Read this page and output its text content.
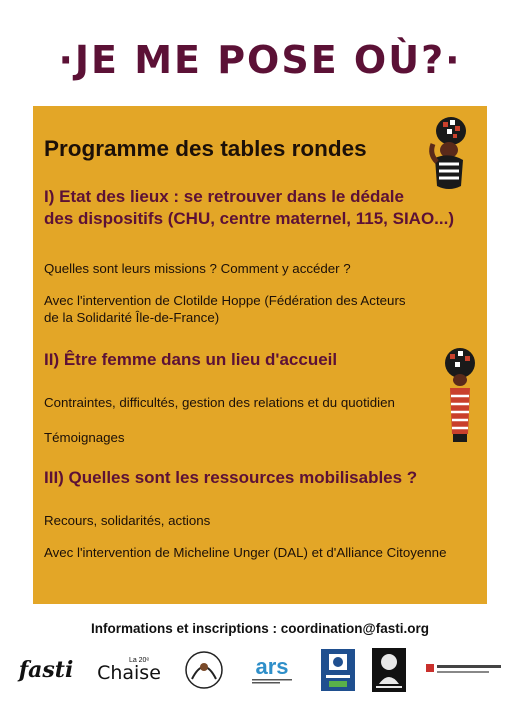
·JE ME POSE OÙ?·
Programme des tables rondes
I) Etat des lieux : se retrouver dans le dédale
des dispositifs (CHU, centre maternel, 115, SIAO...)
Quelles sont leurs missions ? Comment y accéder ?
Avec l'intervention de Clotilde Hoppe (Fédération des Acteurs
de la Solidarité Île-de-France)
II) Être femme dans un lieu d'accueil
Contraintes, difficultés, gestion des relations et du quotidien
Témoignages
III) Quelles sont les ressources mobilisables ?
Recours, solidarités, actions
Avec l'intervention de Micheline Unger (DAL) et d'Alliance Citoyenne
Informations et inscriptions : coordination@fasti.org
fasti	La 20ᵉ
Chaise	ars
